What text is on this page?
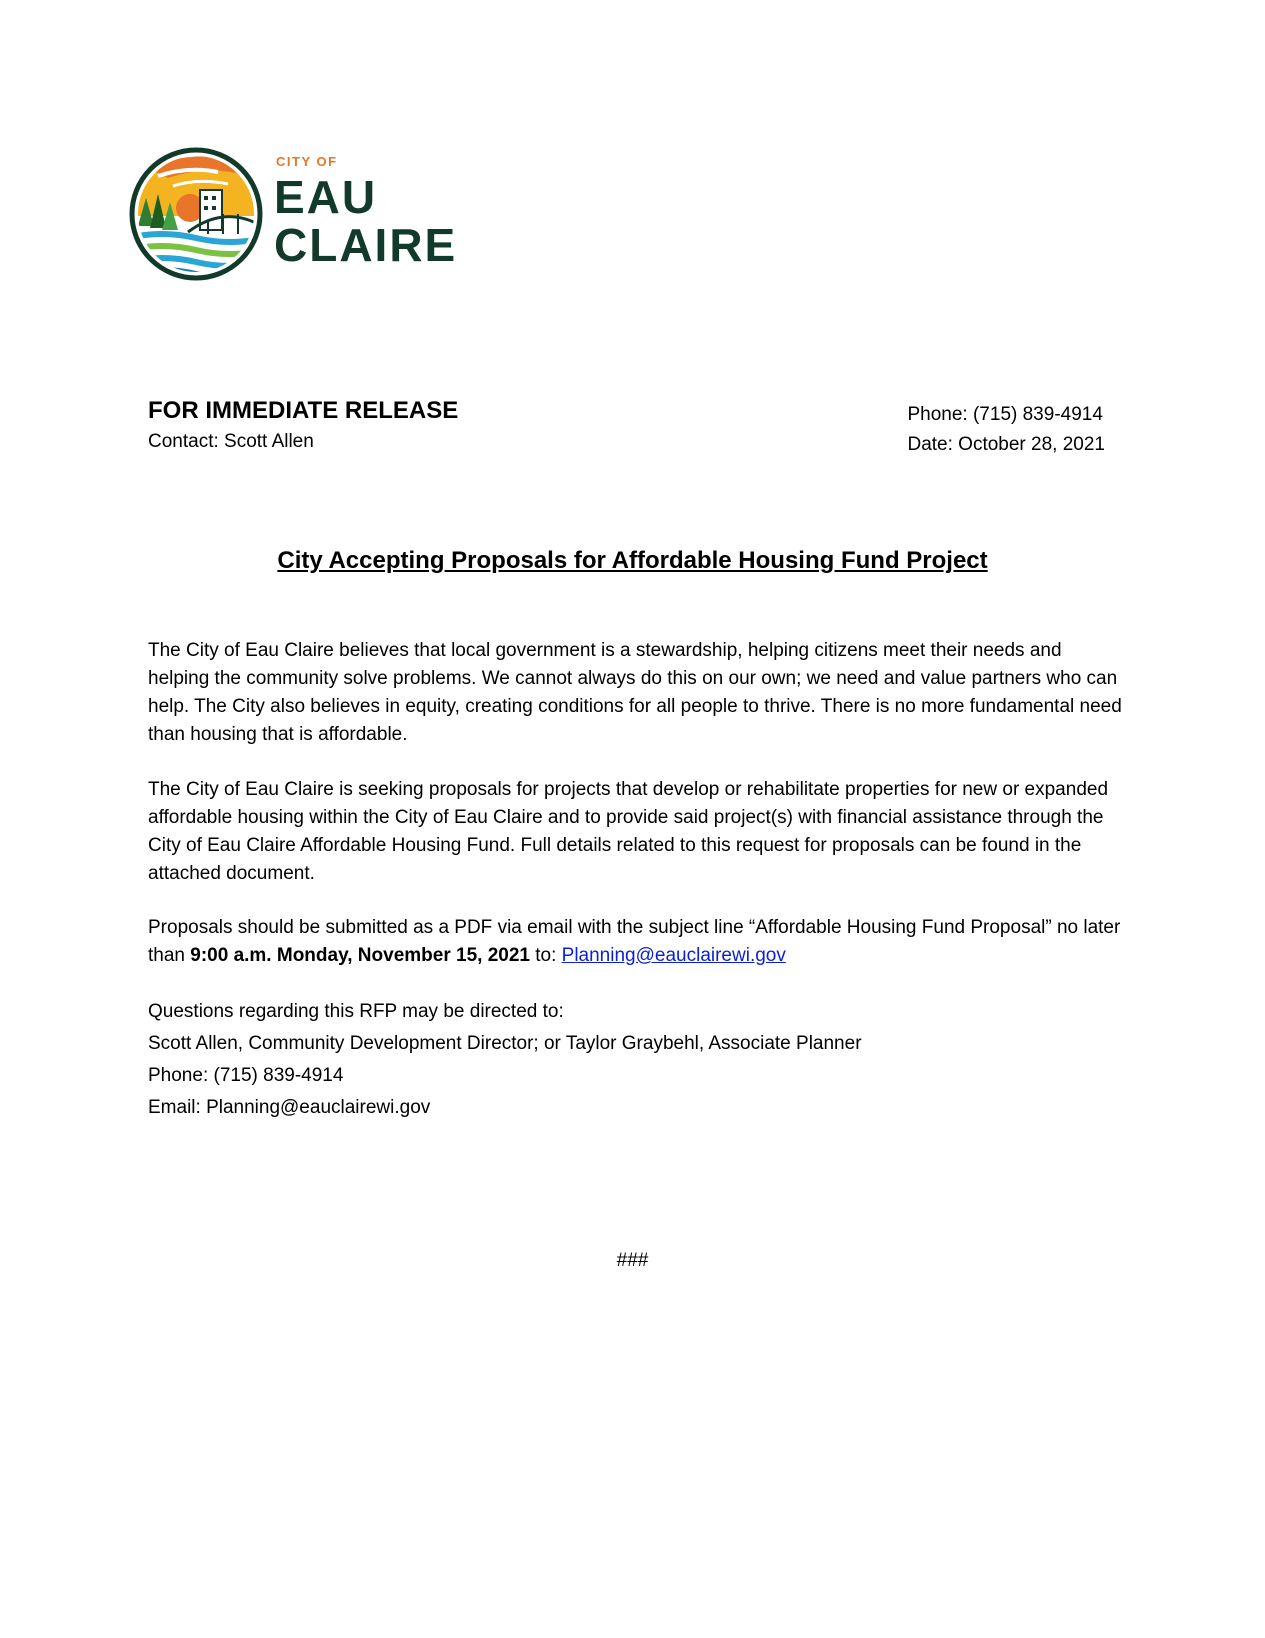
CITY OF
EAU
CLAIRE
FOR IMMEDIATE RELEASE
Contact: Scott Allen
Phone: (715) 839-4914
Date: October 28, 2021
City Accepting Proposals for Affordable Housing Fund Project
The City of Eau Claire believes that local government is a stewardship, helping citizens meet their needs and helping the community solve problems. We cannot always do this on our own; we need and value partners who can help. The City also believes in equity, creating conditions for all people to thrive. There is no more fundamental need than housing that is affordable.
The City of Eau Claire is seeking proposals for projects that develop or rehabilitate properties for new or expanded affordable housing within the City of Eau Claire and to provide said project(s) with financial assistance through the City of Eau Claire Affordable Housing Fund. Full details related to this request for proposals can be found in the attached document.
Proposals should be submitted as a PDF via email with the subject line “Affordable Housing Fund Proposal” no later than 9:00 a.m. Monday, November 15, 2021 to: Planning@eauclairewi.gov
Questions regarding this RFP may be directed to:
Scott Allen, Community Development Director; or Taylor Graybehl, Associate Planner
Phone: (715) 839-4914
Email: Planning@eauclairewi.gov
###
